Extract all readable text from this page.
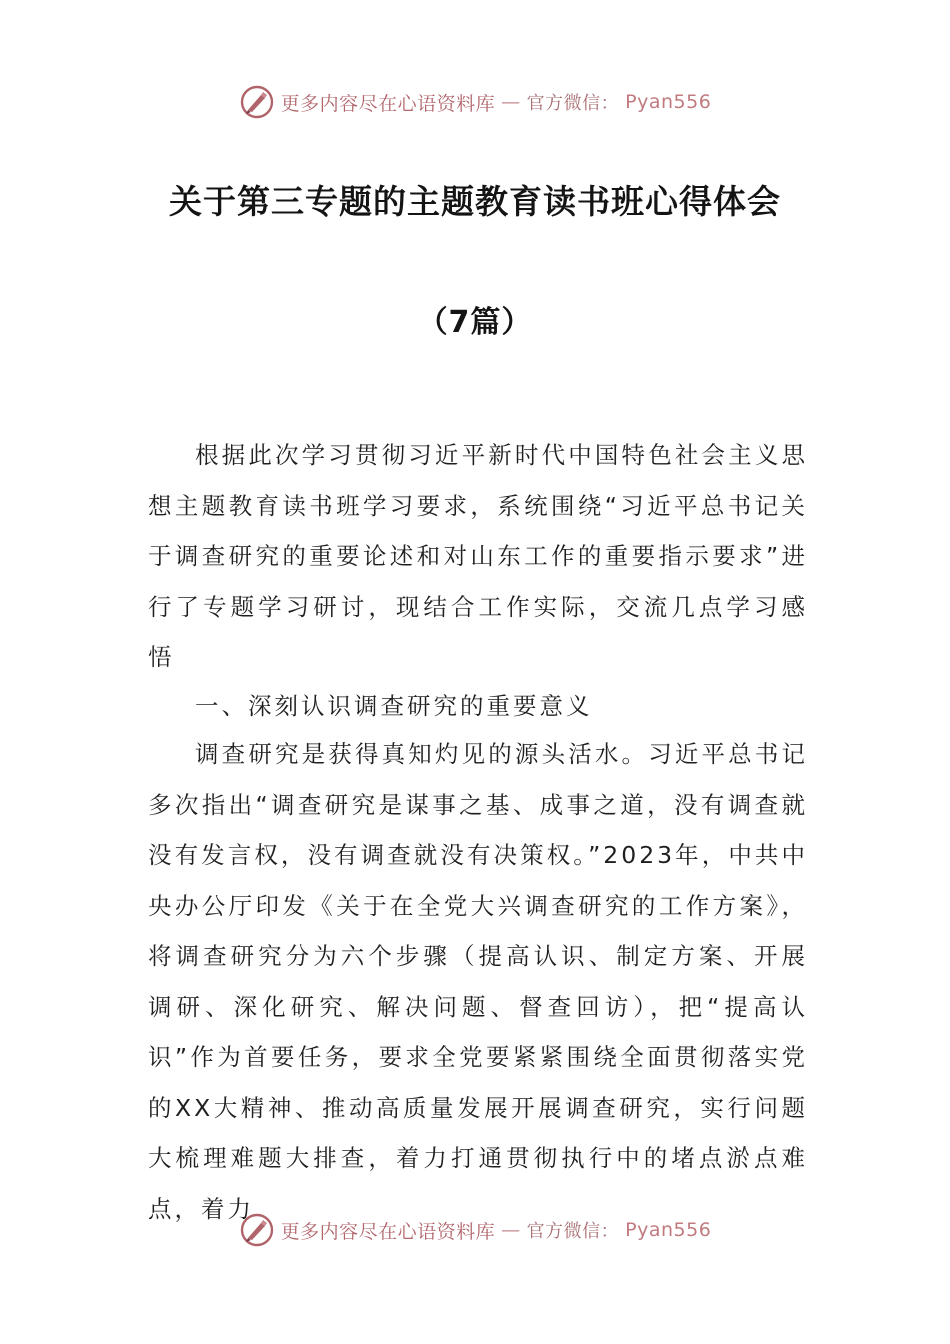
更多内容尽在心语资料库 — 官方微信： Pyan556
关于第三专题的主题教育读书班心得体会
（7篇）

根据此次学习贯彻习近平新时代中国特色社会主义思想主题教育读书班学习要求，系统围绕“习近平总书记关于调查研究的重要论述和对山东工作的重要指示要求”进行了专题学习研讨，现结合工作实际，交流几点学习感悟

一、深刻认识调查研究的重要意义

调查研究是获得真知灼见的源头活水。习近平总书记多次指出“调查研究是谋事之基、成事之道，没有调查就没有发言权，没有调查就没有决策权。”2023年，中共中央办公厅印发《关于在全党大兴调查研究的工作方案》，将调查研究分为六个步骤（提高认识、制定方案、开展调研、深化研究、解决问题、督查回访），把“提高认识”作为首要任务，要求全党要紧紧围绕全面贯彻落实党的XX大精神、推动高质量发展开展调查研究，实行问题大梳理难题大排查，着力打通贯彻执行中的堵点淤点难点，着力

更多内容尽在心语资料库 — 官方微信： Pyan556
